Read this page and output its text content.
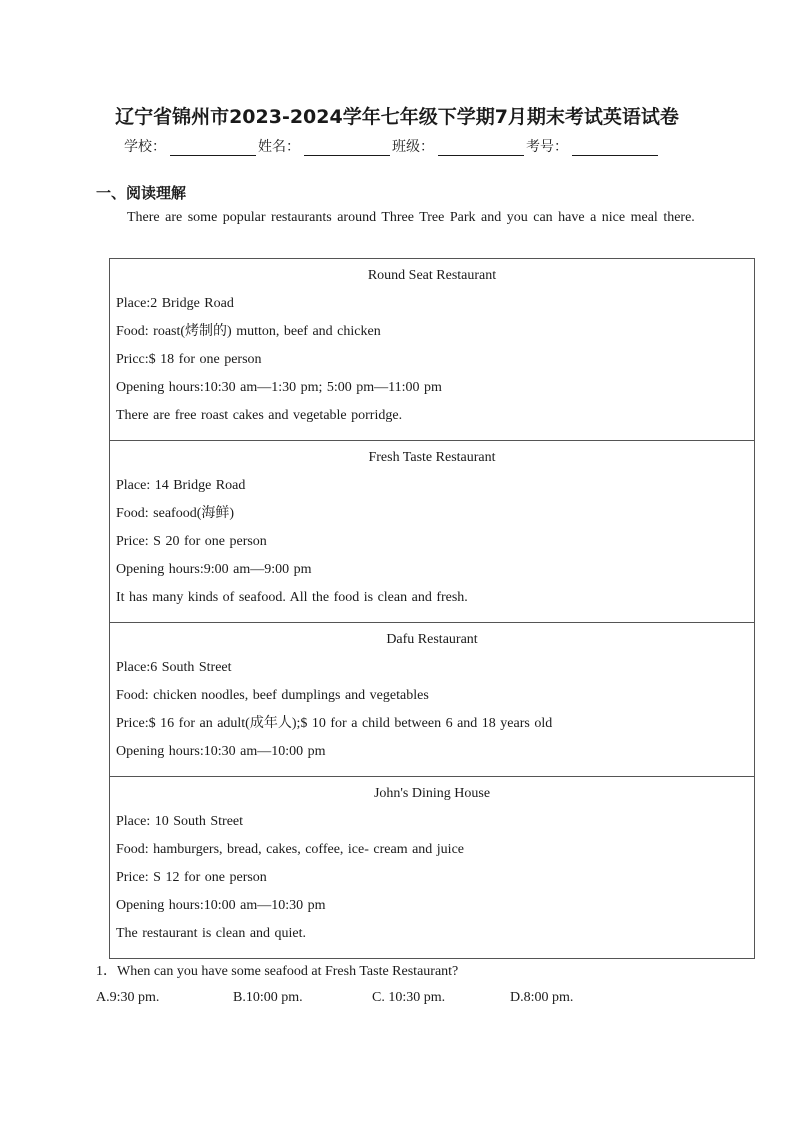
辽宁省锦州市2023-2024学年七年级下学期7月期末考试英语试卷
学校：	姓名：	班级：	考号：
一、阅读理解
There are some popular restaurants around Three Tree Park and you can have a nice meal there.
Round Seat Restaurant
Place:2 Bridge Road
Food: roast(烤制的) mutton, beef and chicken
Pricc:$ 18 for one person
Opening hours:10:30 am—1:30 pm; 5:00 pm—11:00 pm
There are free roast cakes and vegetable porridge.
Fresh Taste Restaurant
Place: 14 Bridge Road
Food: seafood(海鲜)
Price: S 20 for one person
Opening hours:9:00 am—9:00 pm
It has many kinds of seafood. All the food is clean and fresh.
Dafu Restaurant
Place:6 South Street
Food: chicken noodles, beef dumplings and vegetables
Price:$ 16 for an adult(成年人);$ 10 for a child between 6 and 18 years old
Opening hours:10:30 am—10:00 pm
John's Dining House
Place: 10 South Street
Food: hamburgers, bread, cakes, coffee, ice- cream and juice
Price: S 12 for one person
Opening hours:10:00 am—10:30 pm
The restaurant is clean and quiet.
1．When can you have some seafood at Fresh Taste Restaurant?
A.9:30 pm.	B.10:00 pm.	C. 10:30 pm.	D.8:00 pm.
